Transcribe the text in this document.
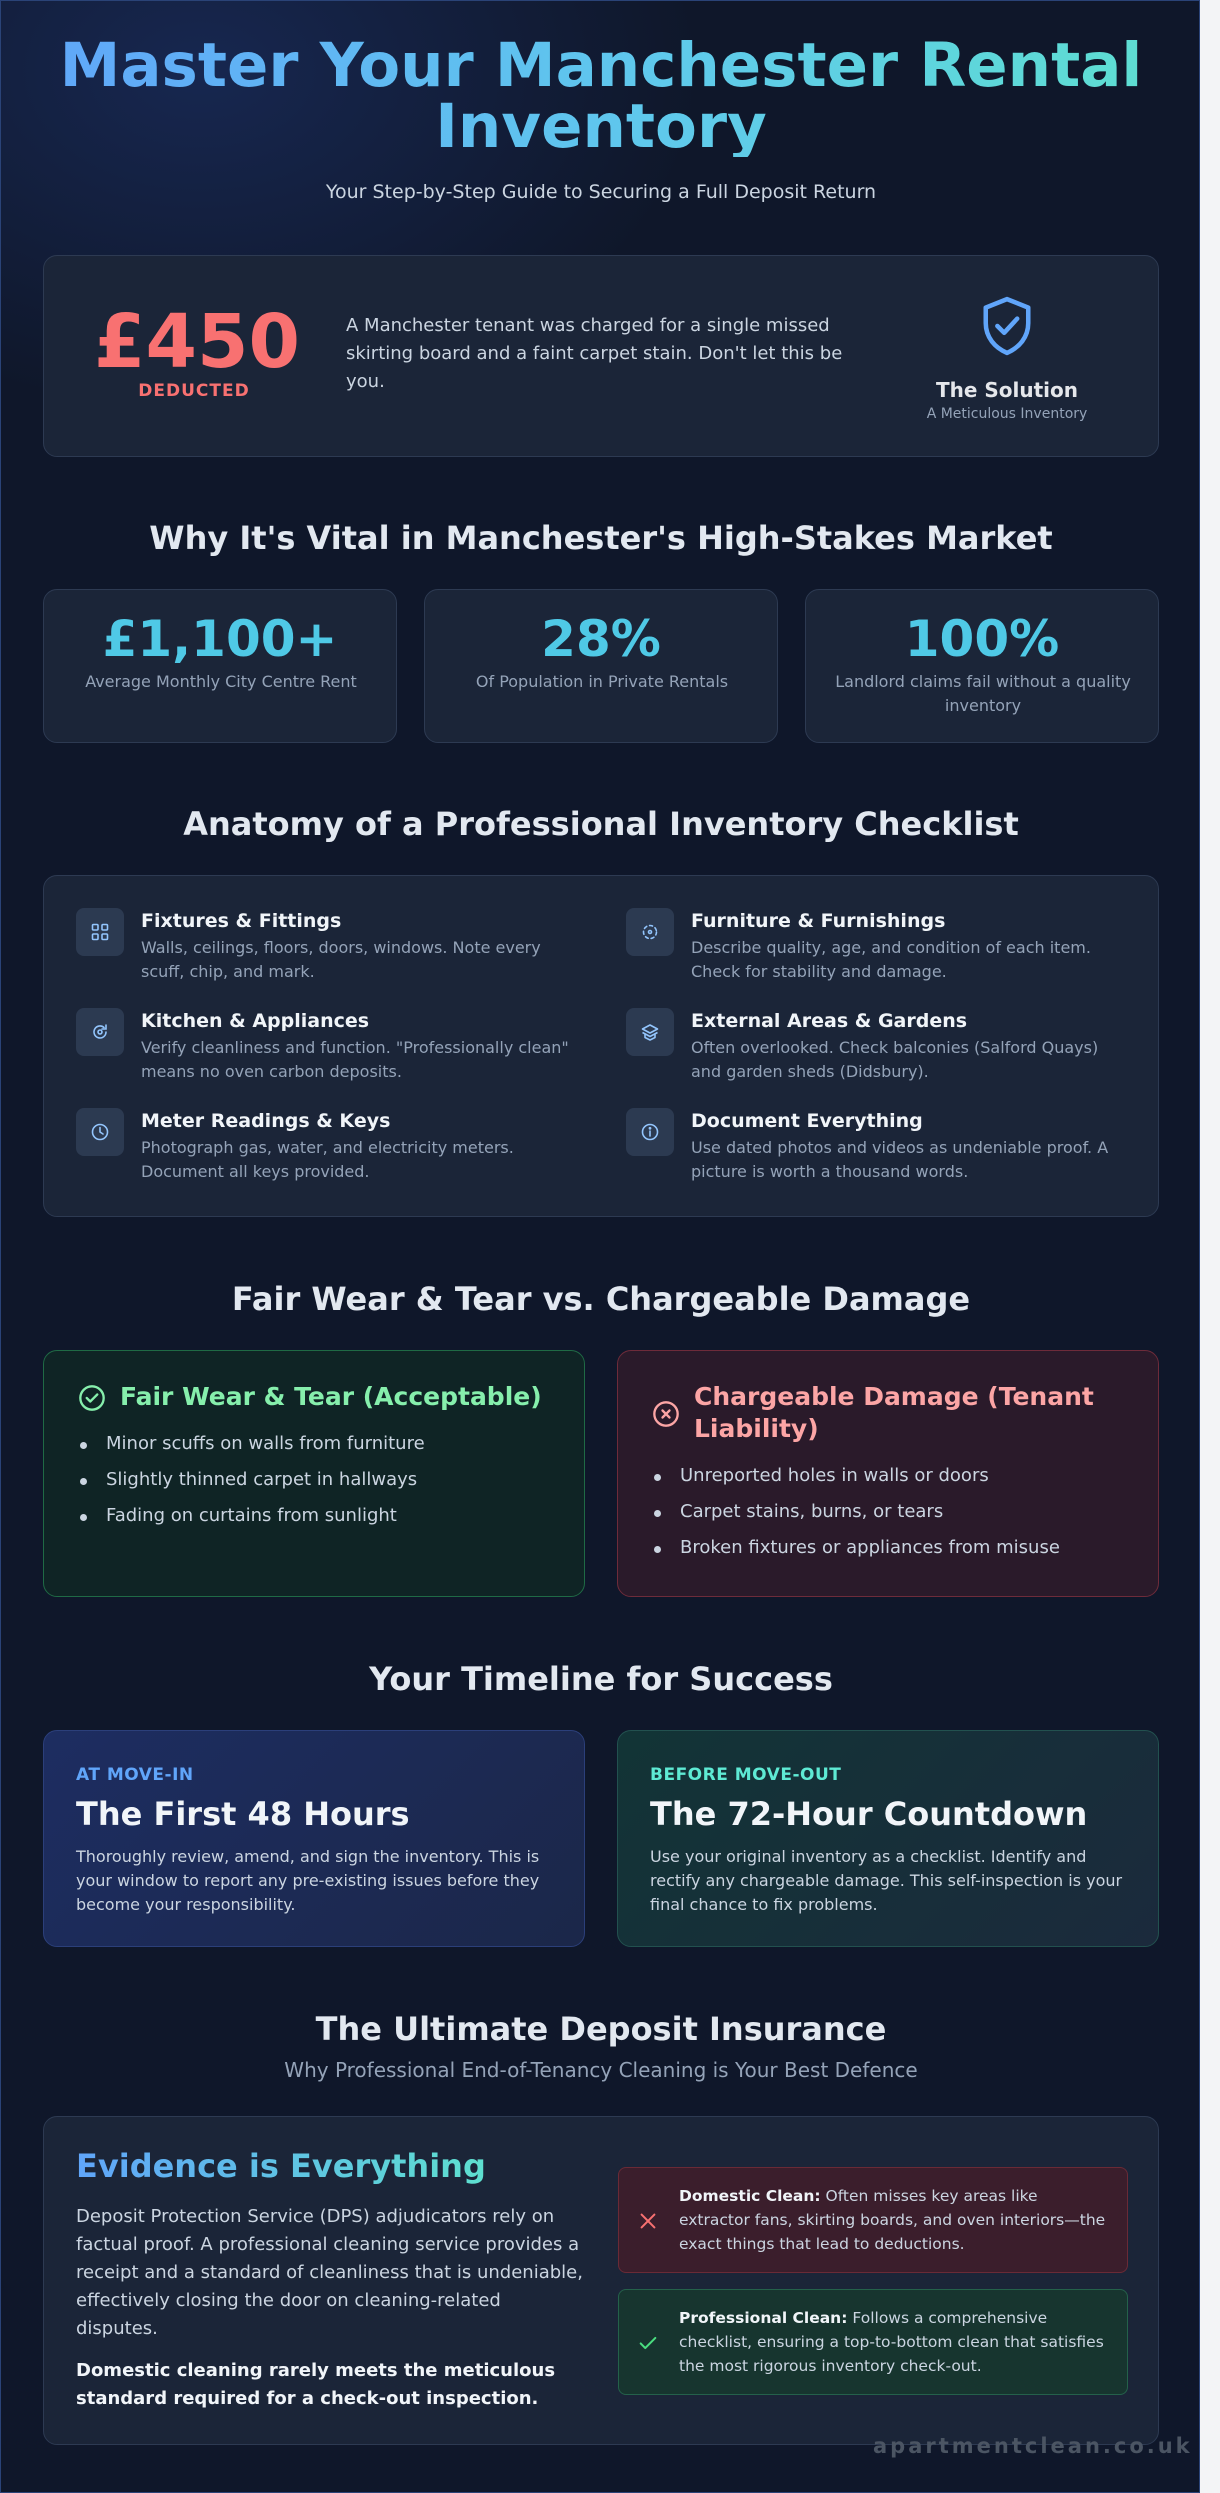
Master Your Manchester Rental
Inventory
Your Step-by-Step Guide to Securing a Full Deposit Return
£450
DEDUCTED
A Manchester tenant was charged for a single missed skirting board and a faint carpet stain. Don't let this be you.	The Solution
A Meticulous Inventory
Why It's Vital in Manchester's High-Stakes Market
£1,100+
Average Monthly City Centre Rent
28%
Of Population in Private Rentals
100%
Landlord claims fail without a quality inventory
Anatomy of a Professional Inventory Checklist
Fixtures & Fittings
Walls, ceilings, floors, doors, windows. Note every scuff, chip, and mark.
Furniture & Furnishings
Describe quality, age, and condition of each item. Check for stability and damage.
Kitchen & Appliances
Verify cleanliness and function. "Professionally clean" means no oven carbon deposits.
External Areas & Gardens
Often overlooked. Check balconies (Salford Quays) and garden sheds (Didsbury).
Meter Readings & Keys
Photograph gas, water, and electricity meters. Document all keys provided.
Document Everything
Use dated photos and videos as undeniable proof. A picture is worth a thousand words.
Fair Wear & Tear vs. Chargeable Damage
Fair Wear & Tear (Acceptable)
Minor scuffs on walls from furniture
Slightly thinned carpet in hallways
Fading on curtains from sunlight
Chargeable Damage (Tenant Liability)
Unreported holes in walls or doors
Carpet stains, burns, or tears
Broken fixtures or appliances from misuse
Your Timeline for Success
AT MOVE-IN
The First 48 Hours
Thoroughly review, amend, and sign the inventory. This is your window to report any pre-existing issues before they become your responsibility.
BEFORE MOVE-OUT
The 72-Hour Countdown
Use your original inventory as a checklist. Identify and rectify any chargeable damage. This self-inspection is your final chance to fix problems.
The Ultimate Deposit Insurance
Why Professional End-of-Tenancy Cleaning is Your Best Defence
Evidence is Everything
Deposit Protection Service (DPS) adjudicators rely on factual proof. A professional cleaning service provides a receipt and a standard of cleanliness that is undeniable, effectively closing the door on cleaning-related disputes.
Domestic cleaning rarely meets the meticulous standard required for a check-out inspection.
Domestic Clean: Often misses key areas like extractor fans, skirting boards, and oven interiors—the exact things that lead to deductions.
Professional Clean: Follows a comprehensive checklist, ensuring a top-to-bottom clean that satisfies the most rigorous inventory check-out.
apartmentclean.co.uk
